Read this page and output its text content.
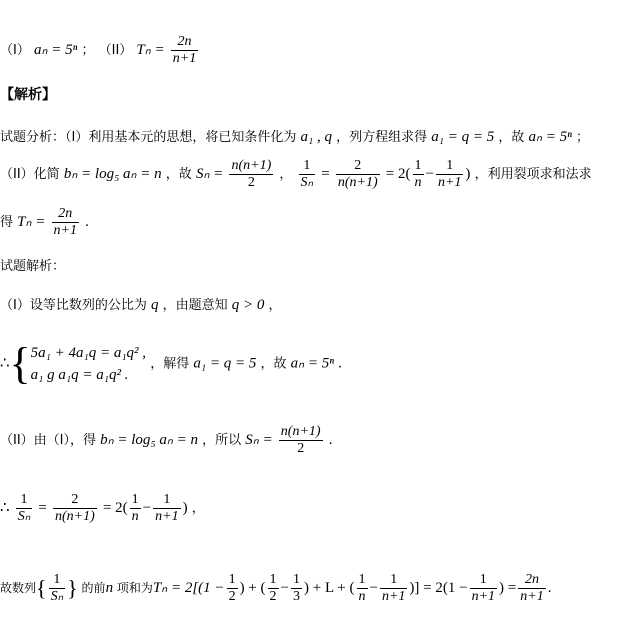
（I） aₙ = 5ⁿ ； （II） $T_n = \frac{2n}{n+1}$
【解析】
试题分析：（I）利用基本元的思想，将已知条件化为 a₁ , q ，列方程组求得 a₁ = q = 5 ，故 aₙ = 5ⁿ ；
（II）化简 bₙ = log₅ aₙ = n ，故 $S_n = \frac{n(n+1)}{2}$ ， $\frac{1}{\text{Sₙ}} = \frac{2}{n(n+1)} = 2( \frac{1}{n} - \frac{1}{n+1}$ ) ，利用裂项求和法求
得 $T_n = \frac{2n}{n+1}$ .
试题解析：
（I）设等比数列的公比为 q ，由题意知 q > 0 ，
∴{ 5a₁ + 4a₁q = a₁q² ,
a₁ g a₁q = a₁q² .
，解得 a₁ = q = 5 ，故 aₙ = 5ⁿ .
（II）由（I），得 bₙ = log₅ aₙ = n ，所以 $S_n = \frac{n(n+1)}{2}$ .
∴ $\frac{1}{\text{Sₙ}} = \frac{2}{n(n+1)} = 2( \frac{1}{n} - \frac{1}{n+1}$ ) ，
故数列{ $\frac{1}{\text{Sₙ}}$ } 的前n 项和为$T_n = 2[(1 - \frac{1}{2}$ ) + ( $\frac{1}{2} - \frac{1}{3}$ ) + L + ( $\frac{1}{n} - \frac{1}{n+1}$ )] = $2(1 - \frac{1}{n+1}$ ) = $\frac{2n}{n+1}$ .
